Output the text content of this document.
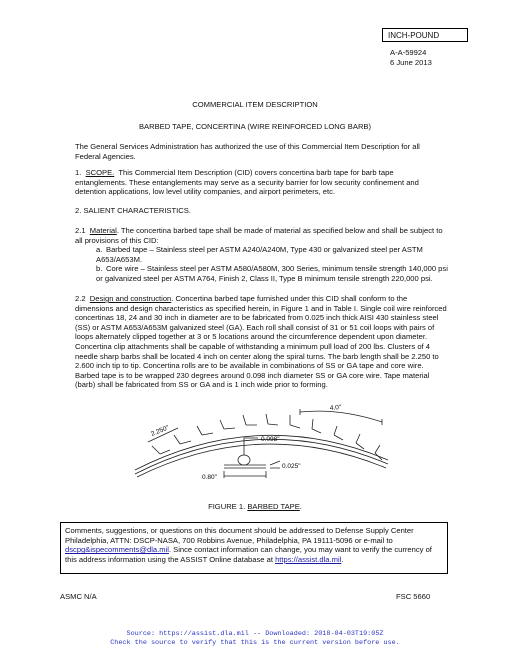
INCH-POUND
A-A-59924
6 June 2013
COMMERCIAL ITEM DESCRIPTION
BARBED TAPE, CONCERTINA (WIRE REINFORCED LONG BARB)
The General Services Administration has authorized the use of this Commercial Item Description for all Federal Agencies.
1. SCOPE. This Commercial Item Description (CID) covers concertina barb tape for barb tape entanglements. These entanglements may serve as a security barrier for low security confinement and detention applications, low level utility companies, and airport perimeters, etc.
2. SALIENT CHARACTERISTICS.
2.1 Material. The concertina barbed tape shall be made of material as specified below and shall be subject to all provisions of this CID:
a. Barbed tape – Stainless steel per ASTM A240/A240M, Type 430 or galvanized steel per ASTM A653/A653M.
b. Core wire – Stainless steel per ASTM A580/A580M, 300 Series, minimum tensile strength 140,000 psi or galvanized steel per ASTM A764, Finish 2, Class II, Type B minimum tensile strength 220,000 psi.
2.2 Design and construction. Concertina barbed tape furnished under this CID shall conform to the dimensions and design characteristics as specified herein, in Figure 1 and in Table I. Single coil wire reinforced concertinas 18, 24 and 30 inch in diameter are to be fabricated from 0.025 inch thick AISI 430 stainless steel (SS) or ASTM A653/A653M galvanized steel (GA). Each roll shall consist of 31 or 51 coil loops with pairs of loops alternately clipped together at 3 or 5 locations around the circumference dependent upon diameter. Concertina clip attachments shall be capable of withstanding a minimum pull load of 200 lbs. Clusters of 4 needle sharp barbs shall be located 4 inch on center along the spiral turns. The barb length shall be 2.250 to 2.600 inch tip to tip. Concertina rolls are to be available in combinations of SS or GA tape and core wire. Barbed tape is to be wrapped 230 degrees around 0.098 inch diameter SS or GA core wire. Tape material (barb) shall be fabricated from SS or GA and is 1 inch wide prior to forming.
4.0"
2.250"
0.098"
0.025"
0.80"
FIGURE 1. BARBED TAPE.
Comments, suggestions, or questions on this document should be addressed to Defense Supply Center Philadelphia, ATTN: DSCP-NASA, 700 Robbins Avenue, Philadelphia, PA 19111-5096 or e-mail to dscpg&ispecomments@dla.mil. Since contact information can change, you may want to verify the currency of this address information using the ASSIST Online database at https://assist.dla.mil.
ASMC N/A	FSC 5660
Source: https://assist.dla.mil -- Downloaded: 2018-04-03T19:05Z
Check the source to verify that this is the current version before use.
